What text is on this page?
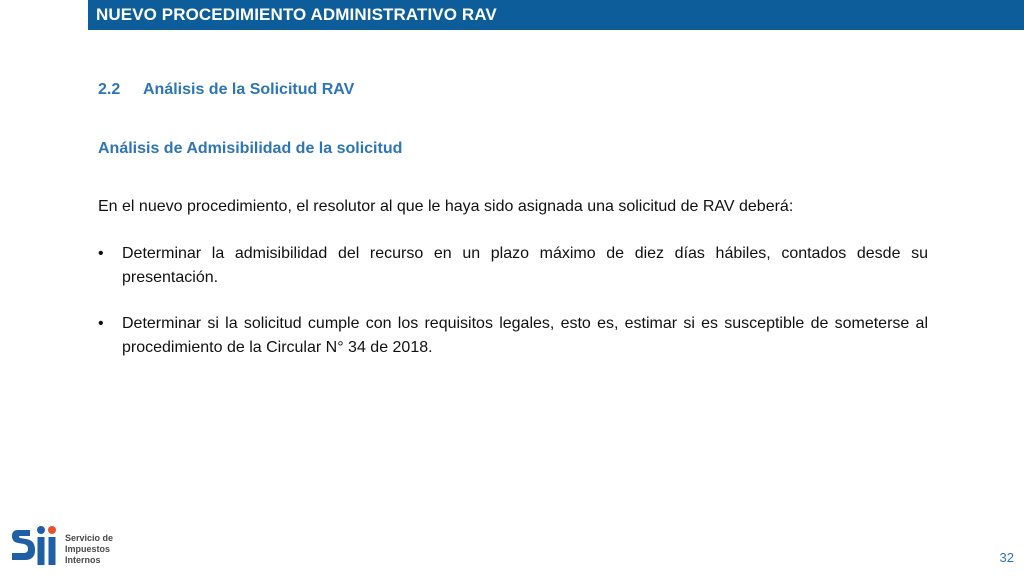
NUEVO PROCEDIMIENTO ADMINISTRATIVO RAV
2.2 Análisis de la Solicitud RAV
Análisis de Admisibilidad de la solicitud
En el nuevo procedimiento, el resolutor al que le haya sido asignada una solicitud de RAV deberá:
• Determinar la admisibilidad del recurso en un plazo máximo de diez días hábiles, contados desde su presentación.
• Determinar si la solicitud cumple con los requisitos legales, esto es, estimar si es susceptible de someterse al procedimiento de la Circular N° 34 de 2018.
Servicio de
Impuestos
Internos	32
